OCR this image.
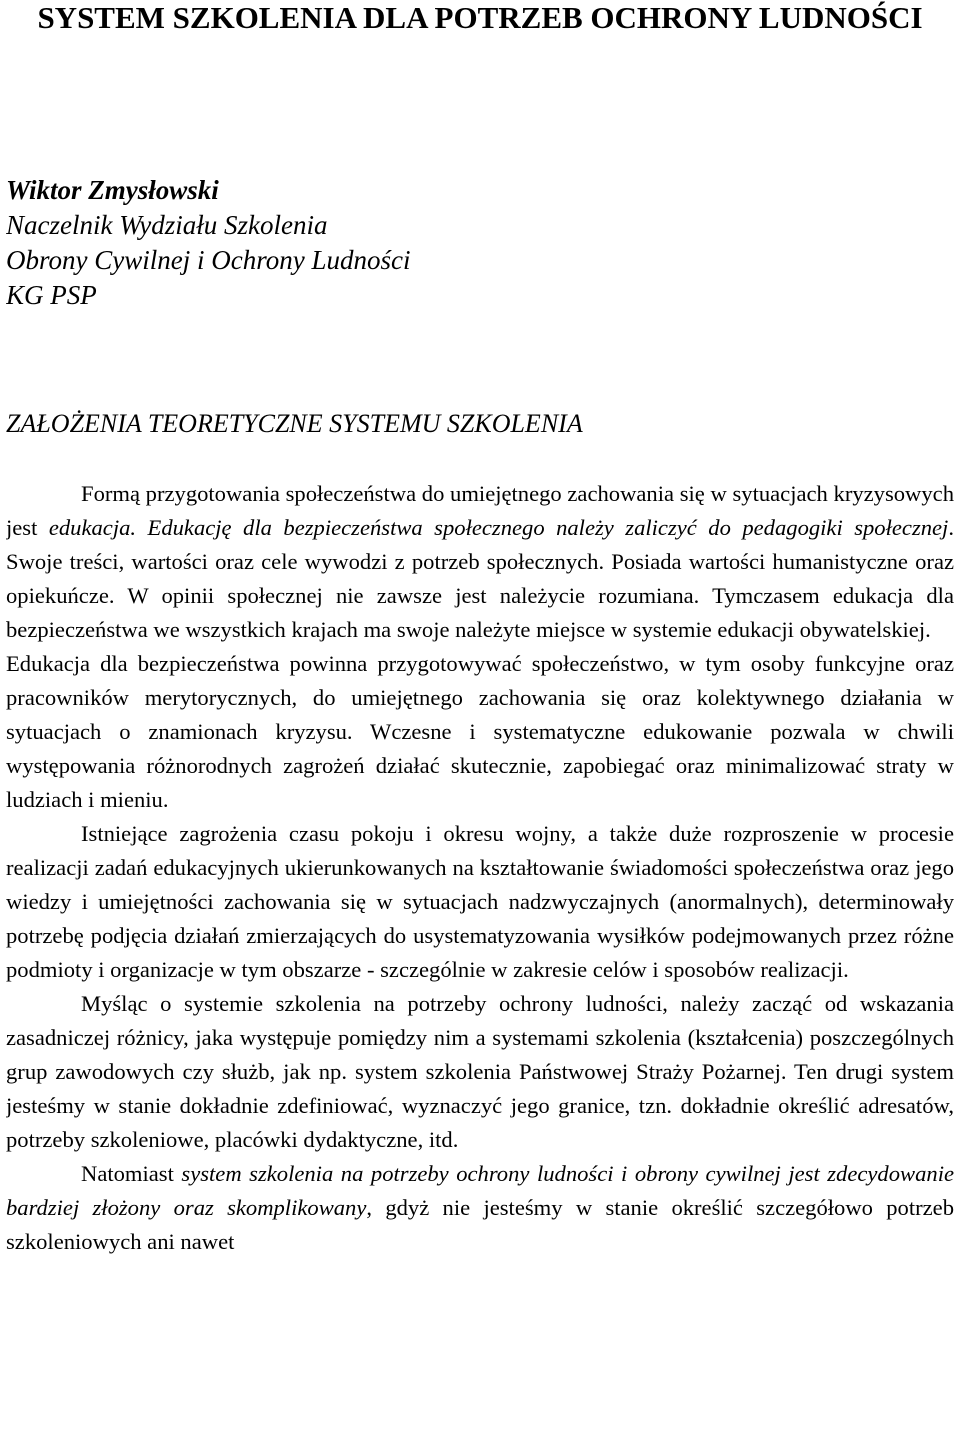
SYSTEM SZKOLENIA DLA POTRZEB OCHRONY LUDNOŚCI
Wiktor Zmysłowski
Naczelnik Wydziału Szkolenia
Obrony Cywilnej i Ochrony Ludności
KG PSP
ZAŁOŻENIA TEORETYCZNE SYSTEMU SZKOLENIA

Formą przygotowania społeczeństwa do umiejętnego zachowania się w sytuacjach kryzysowych jest edukacja. Edukację dla bezpieczeństwa społecznego należy zaliczyć do pedagogiki społecznej. Swoje treści, wartości oraz cele wywodzi z potrzeb społecznych. Posiada wartości humanistyczne oraz opiekuńcze. W opinii społecznej nie zawsze jest należycie rozumiana. Tymczasem edukacja dla bezpieczeństwa we wszystkich krajach ma swoje należyte miejsce w systemie edukacji obywatelskiej.

Edukacja dla bezpieczeństwa powinna przygotowywać społeczeństwo, w tym osoby funkcyjne oraz pracowników merytorycznych, do umiejętnego zachowania się oraz kolektywnego działania w sytuacjach o znamionach kryzysu. Wczesne i systematyczne edukowanie pozwala w chwili występowania różnorodnych zagrożeń działać skutecznie, zapobiegać oraz minimalizować straty w ludziach i mieniu.

Istniejące zagrożenia czasu pokoju i okresu wojny, a także duże rozproszenie w procesie realizacji zadań edukacyjnych ukierunkowanych na kształtowanie świadomości społeczeństwa oraz jego wiedzy i umiejętności zachowania się w sytuacjach nadzwyczajnych (anormalnych), determinowały potrzebę podjęcia działań zmierzających do usystematyzowania wysiłków podejmowanych przez różne podmioty i organizacje w tym obszarze - szczególnie w zakresie celów i sposobów realizacji.

Myśląc o systemie szkolenia na potrzeby ochrony ludności, należy zacząć od wskazania zasadniczej różnicy, jaka występuje pomiędzy nim a systemami szkolenia (kształcenia) poszczególnych grup zawodowych czy służb, jak np. system szkolenia Państwowej Straży Pożarnej. Ten drugi system jesteśmy w stanie dokładnie zdefiniować, wyznaczyć jego granice, tzn. dokładnie określić adresatów, potrzeby szkoleniowe, placówki dydaktyczne, itd.

Natomiast system szkolenia na potrzeby ochrony ludności i obrony cywilnej jest zdecydowanie bardziej złożony oraz skomplikowany, gdyż nie jesteśmy w stanie określić szczegółowo potrzeb szkoleniowych ani nawet
